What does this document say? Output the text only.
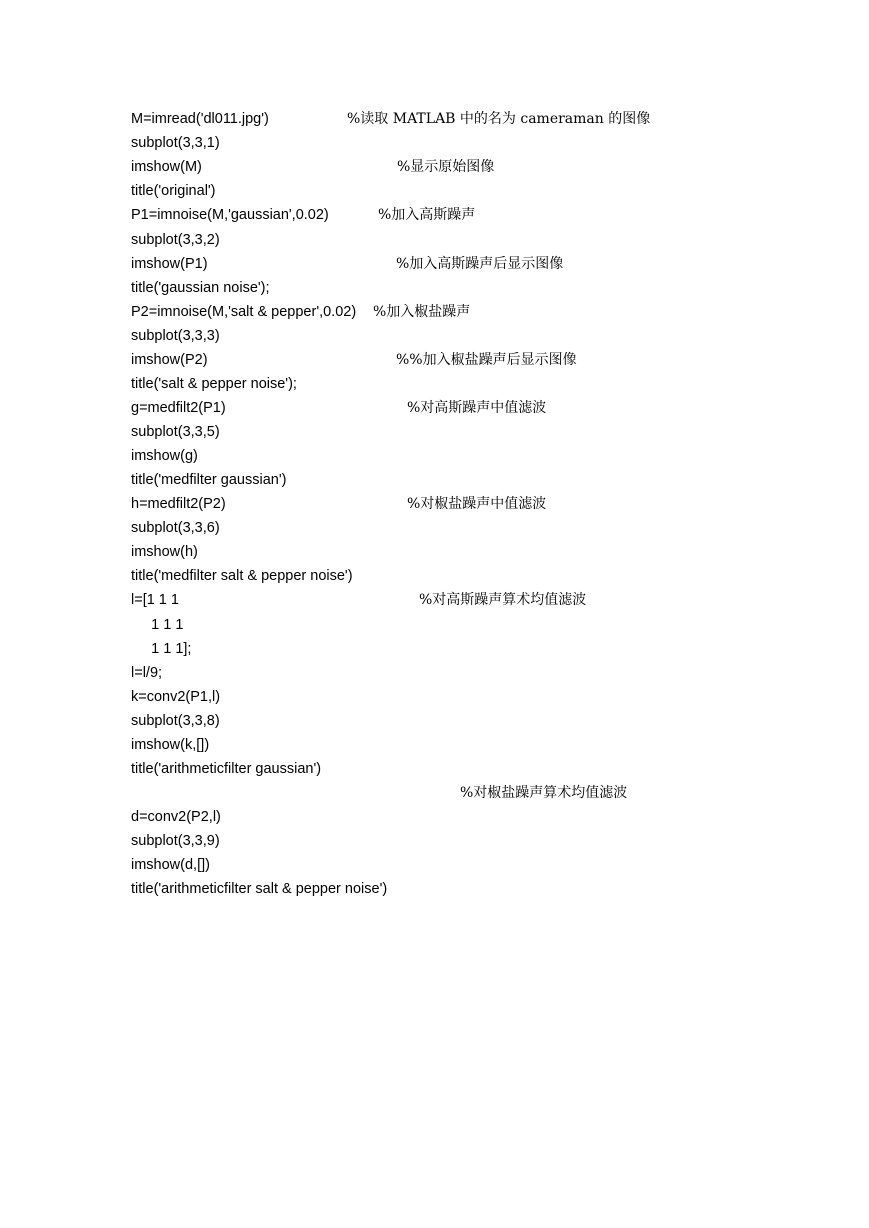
M=imread('dl011.jpg')

	%读取 MATLAB 中的名为 cameraman 的图像

subplot(3,3,1)

imshow(M)

	%显示原始图像

title('original')

P1=imnoise(M,'gaussian',0.02)

	%加入高斯躁声

subplot(3,3,2)

imshow(P1)

	%加入高斯躁声后显示图像

title('gaussian noise');

P2=imnoise(M,'salt & pepper',0.02)

%加入椒盐躁声

subplot(3,3,3)

imshow(P2)

	%%加入椒盐躁声后显示图像

title('salt & pepper noise');

g=medfilt2(P1)

	%对高斯躁声中值滤波

subplot(3,3,5)

imshow(g)

title('medfilter gaussian')

h=medfilt2(P2)

	%对椒盐躁声中值滤波

subplot(3,3,6)

imshow(h)

title('medfilter salt & pepper noise')

l=[1 1 1

	%对高斯躁声算术均值滤波

1 1 1

1 1 1];

l=l/9;

k=conv2(P1,l)

subplot(3,3,8)

imshow(k,[])

title('arithmeticfilter gaussian')

%对椒盐躁声算术均值滤波

d=conv2(P2,l)

subplot(3,3,9)

imshow(d,[])

title('arithmeticfilter salt & pepper noise')
